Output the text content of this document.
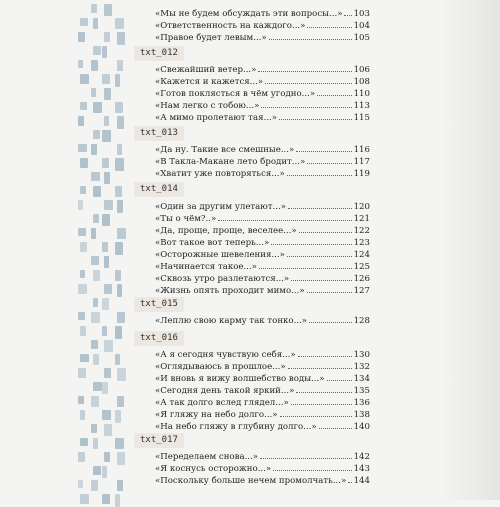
«Мы не будем обсуждать эти вопросы...» 103
«Ответственность на каждого...»	104
«Правое будет левым...»	105
txt_012
«Свежайший ветер...»	106
«Кажется и кажется...»	108
«Готов поклясться в чём угодно...»	110
«Нам легко с тобою...»	113
«А мимо пролетают тая...»	115
txt_013
«Да ну. Такие все смешные...»	116
«В Такла-Макане лето бродит...»	117
«Хватит уже повторяться...»	119
txt_014
«Один за другим улетают...»	120
«Ты о чём?..»	121
«Да, проще, проще, веселее...»	122
«Вот такое вот теперь...»	123
«Осторожные шевеления...»	124
«Начинается такое...»	125
«Сквозь утро разлетаются...»	126
«Жизнь опять проходит мимо...»	127
txt_015
«Леплю свою карму так тонко...»	128
txt_016
«А я сегодня чувствую себя...»	130
«Оглядываюсь в прошлое...»	132
«И вновь я вижу волшебство воды...»	134
«Сегодня день такой яркий...»	135
«А так долго вслед глядел...»	136
«Я гляжу на небо долго...»	138
«На небо гляжу в глубину долго...»	140
txt_017
«Переделаем снова...»	142
«Я коснусь осторожно...»	143
«Поскольку больше нечем промолчать...» 144
